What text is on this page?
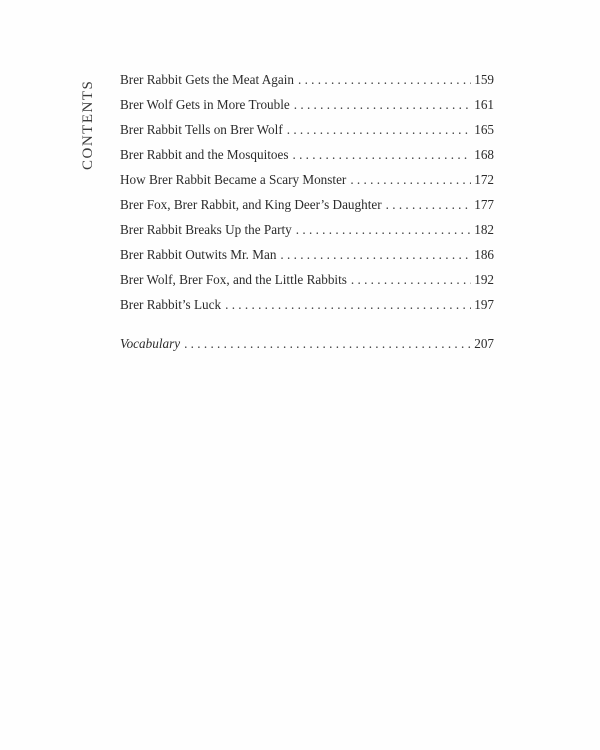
CONTENTS
Brer Rabbit Gets the Meat Again . . .	159
Brer Wolf Gets in More Trouble . . .	161
Brer Rabbit Tells on Brer Wolf . . .	165
Brer Rabbit and the Mosquitoes . . .	168
How Brer Rabbit Became a Scary Monster . . .	172
Brer Fox, Brer Rabbit, and King Deer’s Daughter . . .	177
Brer Rabbit Breaks Up the Party . . .	182
Brer Rabbit Outwits Mr. Man . . .	186
Brer Wolf, Brer Fox, and the Little Rabbits . . .	192
Brer Rabbit’s Luck . . .	197
Vocabulary . . .	207
